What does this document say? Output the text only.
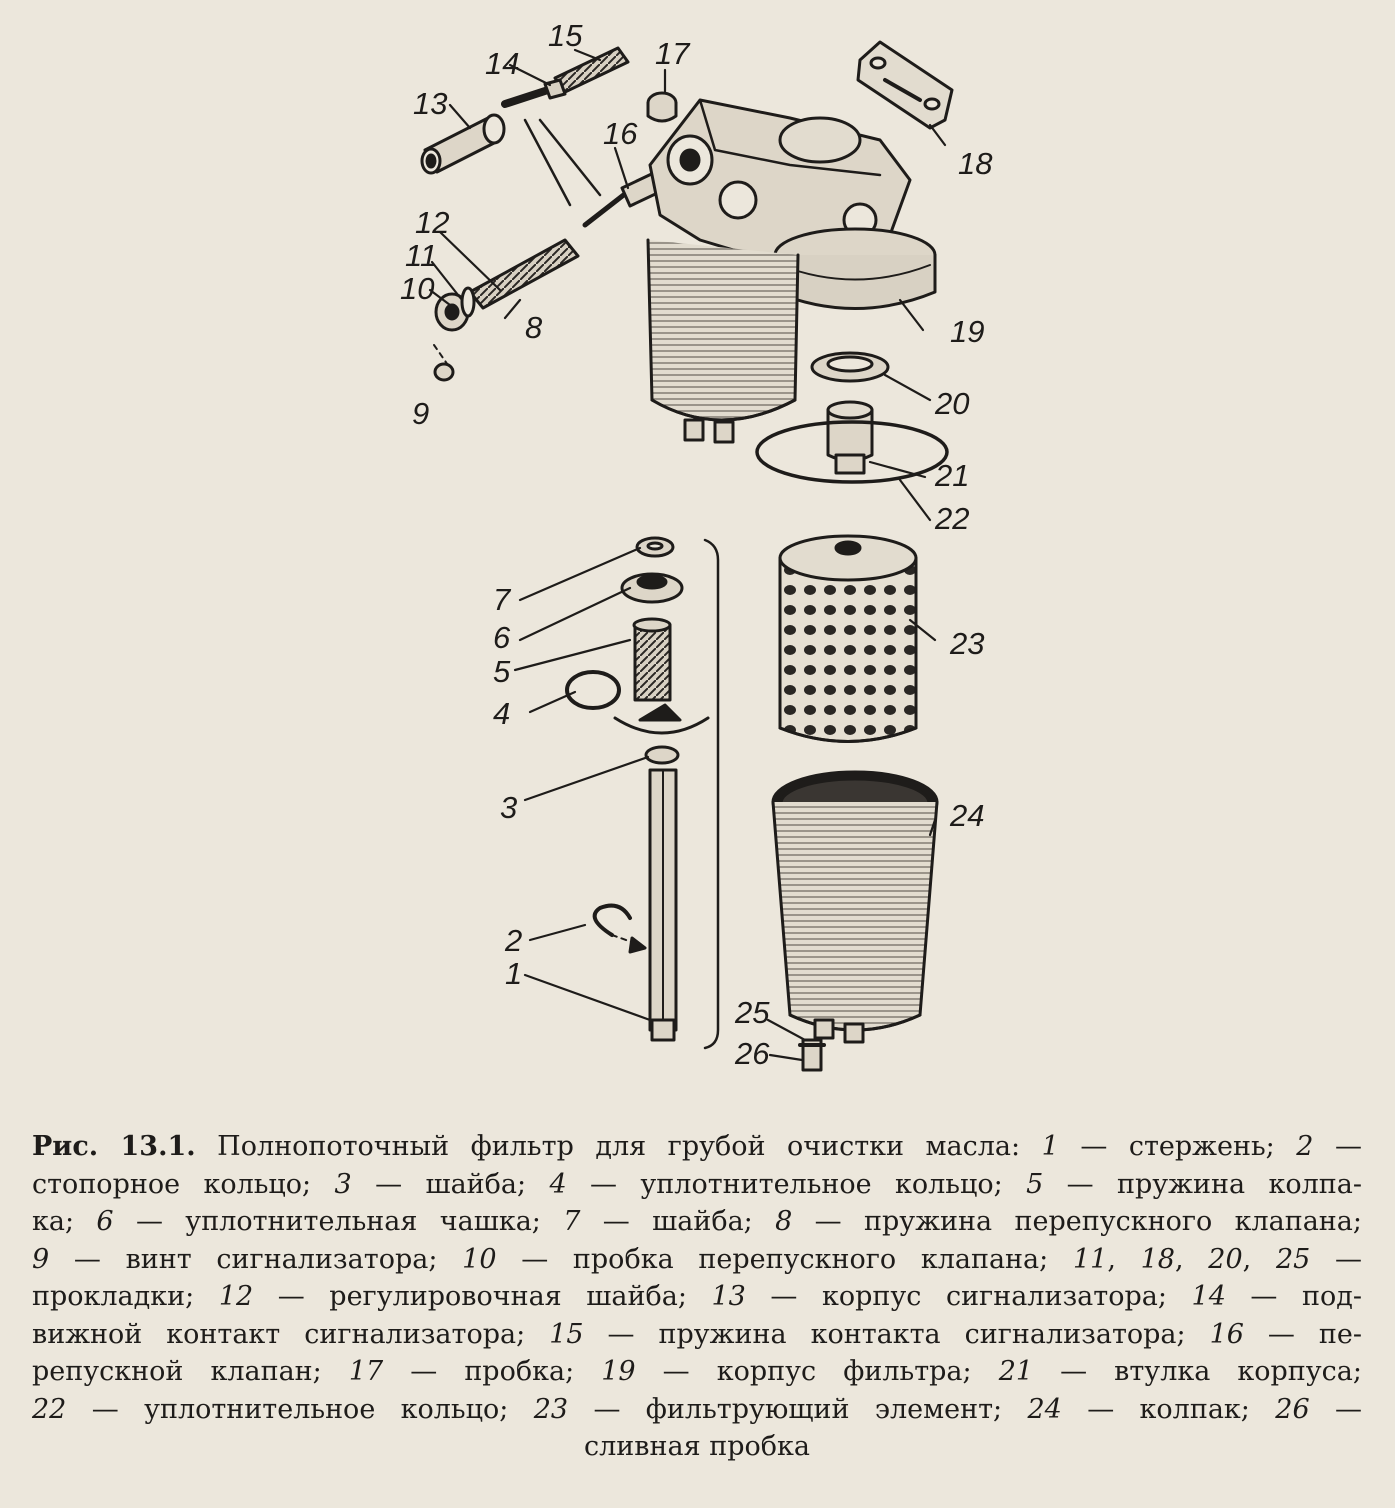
15
14
13
17
16
18
12
11
10
8	19
9	20
21
22
7
6	23
5
4
3	24
2
1
25
26
Рис. 13.1. Полнопоточный фильтр для грубой очистки масла: 1 — стержень; 2 —
стопорное кольцо; 3 — шайба; 4 — уплотнительное кольцо; 5 — пружина колпа-
ка; 6 — уплотнительная чашка; 7 — шайба; 8 — пружина перепускного клапана;
9 — винт сигнализатора; 10 — пробка перепускного клапана; 11, 18, 20, 25 —
прокладки; 12 — регулировочная шайба; 13 — корпус сигнализатора; 14 — под-
вижной контакт сигнализатора; 15 — пружина контакта сигнализатора; 16 — пе-
репускной клапан; 17 — пробка; 19 — корпус фильтра; 21 — втулка корпуса;
22 — уплотнительное кольцо; 23 — фильтрующий элемент; 24 — колпак; 26 —
сливная пробка
